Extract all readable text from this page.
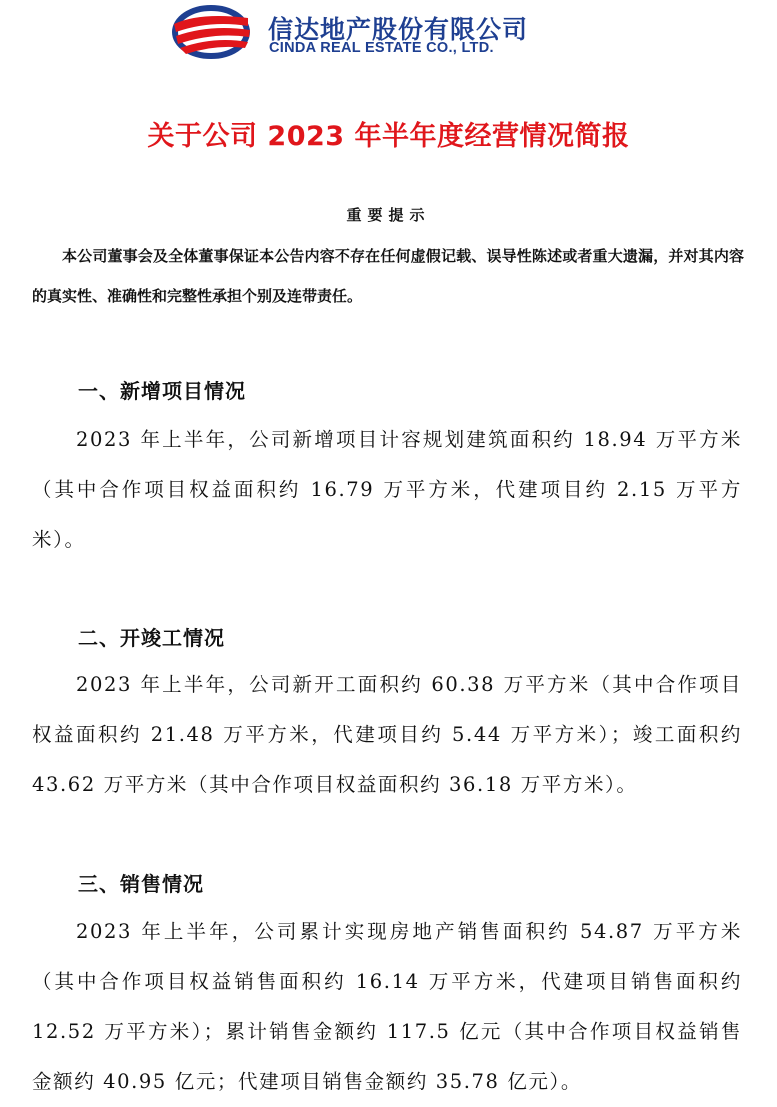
信达地产股份有限公司
CINDA REAL ESTATE CO., LTD.
关于公司 2023 年半年度经营情况简报
重要提示

本公司董事会及全体董事保证本公告内容不存在任何虚假记载、误导性陈述或者重大遗漏，并对其内容的真实性、准确性和完整性承担个别及连带责任。

一、新增项目情况

2023 年上半年，公司新增项目计容规划建筑面积约 18.94 万平方米（其中合作项目权益面积约 16.79 万平方米，代建项目约 2.15 万平方米）。

二、开竣工情况

2023 年上半年，公司新开工面积约 60.38 万平方米（其中合作项目权益面积约 21.48 万平方米，代建项目约 5.44 万平方米）；竣工面积约 43.62 万平方米（其中合作项目权益面积约 36.18 万平方米）。

三、销售情况

2023 年上半年，公司累计实现房地产销售面积约 54.87 万平方米（其中合作项目权益销售面积约 16.14 万平方米，代建项目销售面积约 12.52 万平方米）；累计销售金额约 117.5 亿元（其中合作项目权益销售金额约 40.95 亿元；代建项目销售金额约 35.78 亿元）。
